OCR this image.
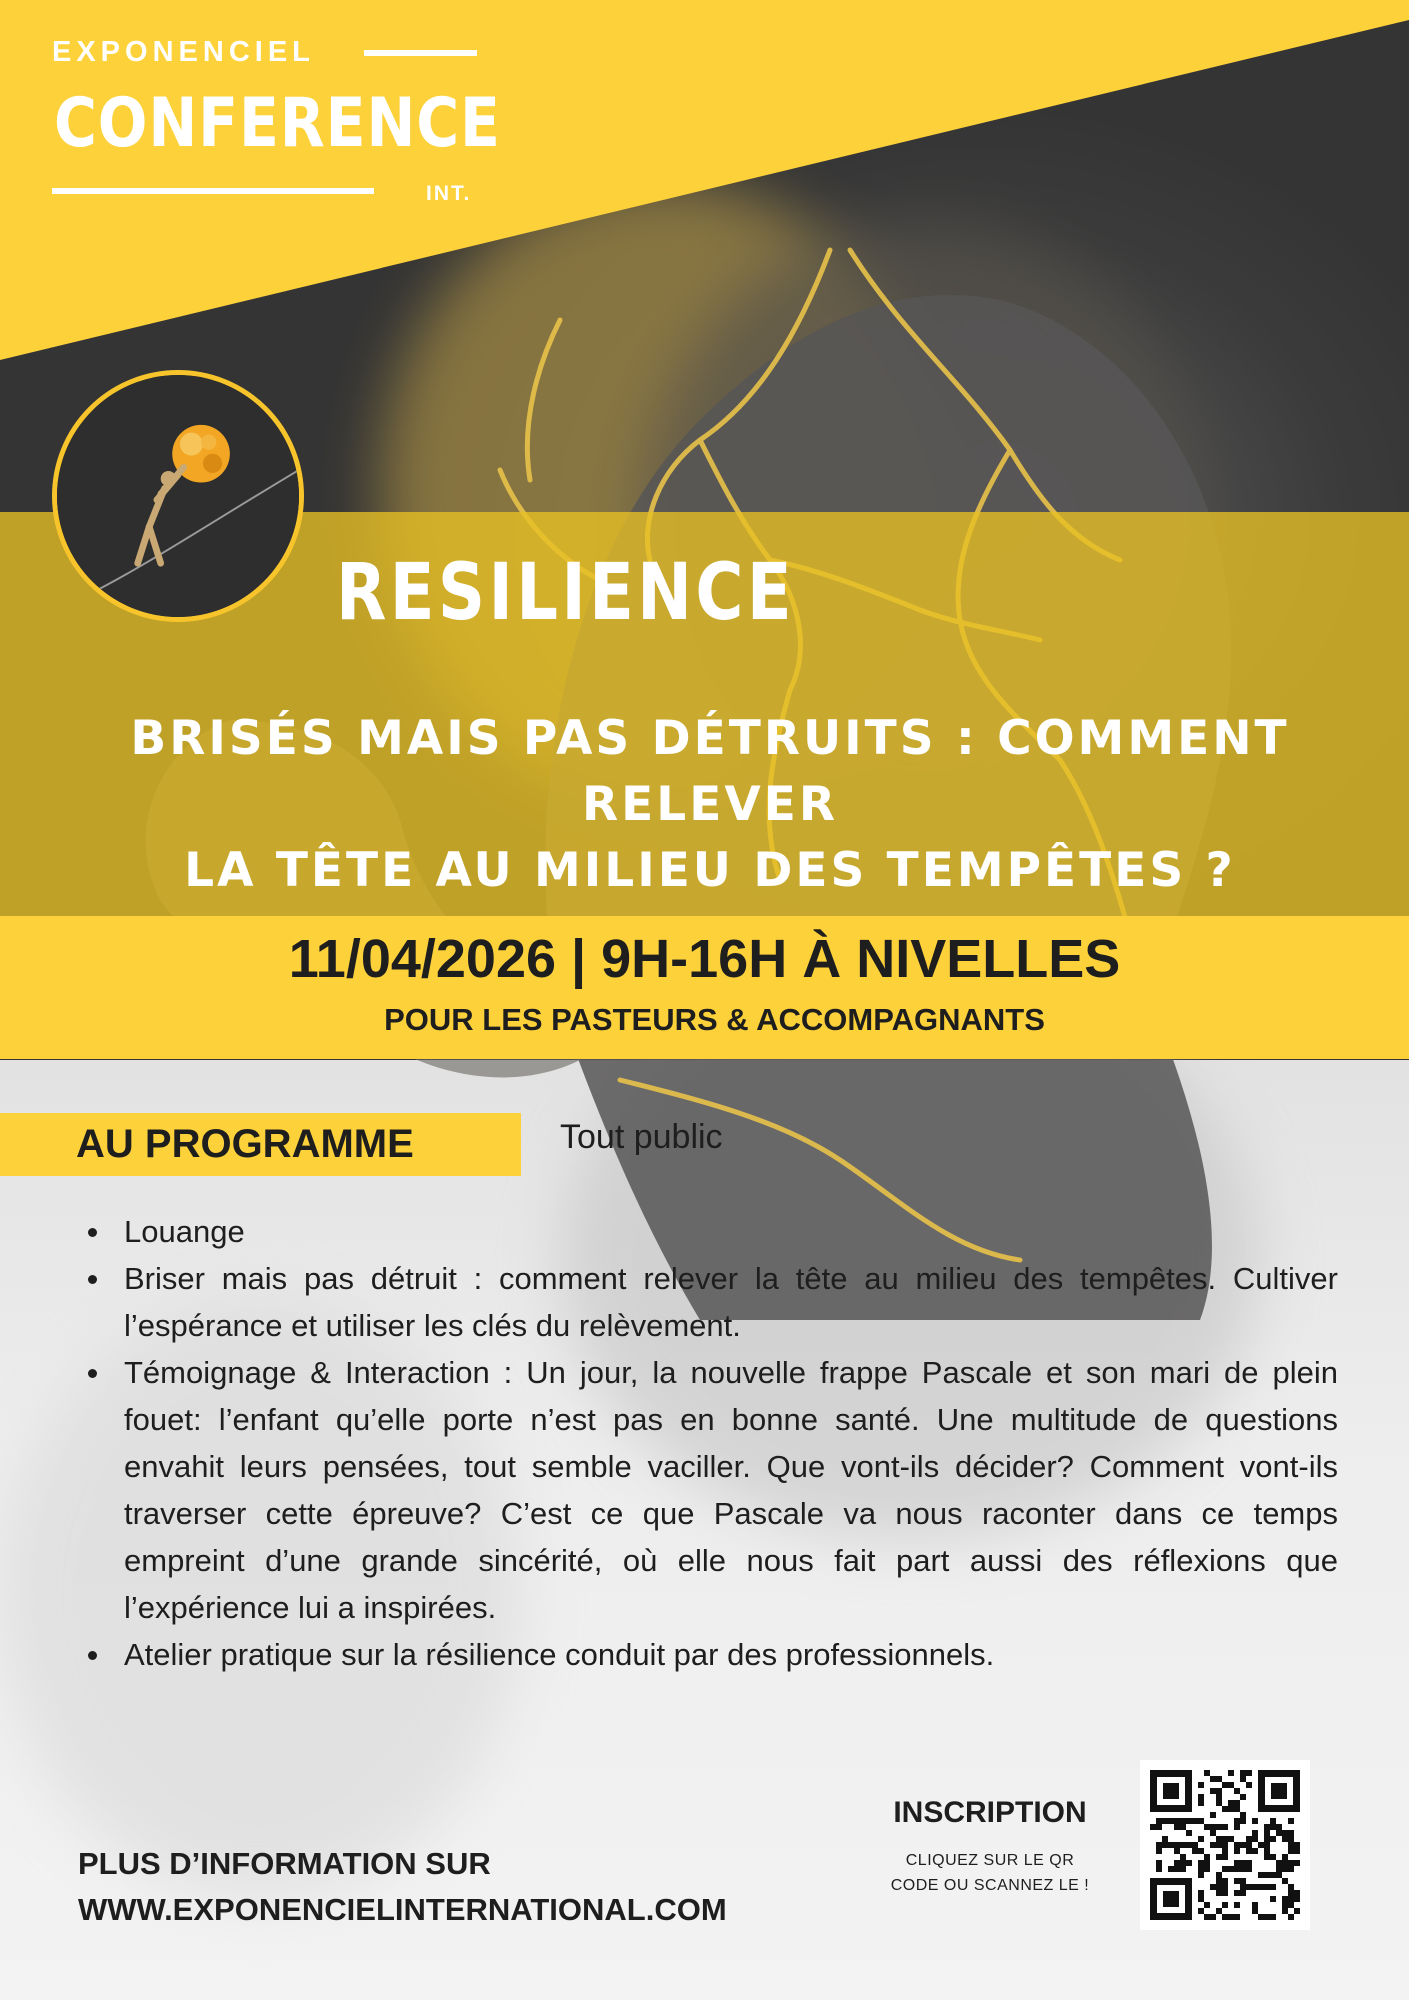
EXPONENCIEL
CONFERENCE
INT.
RESILIENCE
BRISÉS MAIS PAS DÉTRUITS : COMMENT RELEVER
LA TÊTE AU MILIEU DES TEMPÊTES ?
11/04/2026 | 9H-16H À NIVELLES
POUR LES PASTEURS & ACCOMPAGNANTS
AU PROGRAMME	Tout public
Louange
Briser mais pas détruit : comment relever la tête au milieu des tempêtes. Cultiver l’espérance et utiliser les clés du relèvement.
Témoignage & Interaction : Un jour, la nouvelle frappe Pascale et son mari de plein fouet: l’enfant qu’elle porte n’est pas en bonne santé. Une multitude de questions envahit leurs pensées, tout semble vaciller. Que vont-ils décider? Comment vont-ils traverser cette épreuve? C’est ce que Pascale va nous raconter dans ce temps empreint d’une grande sincérité, où elle nous fait part aussi des réflexions que l’expérience lui a inspirées.
Atelier pratique sur la résilience conduit par des professionnels.
PLUS D’INFORMATION SUR
WWW.EXPONENCIELINTERNATIONAL.COM
INSCRIPTION
CLIQUEZ SUR LE QR
CODE OU SCANNEZ LE !
